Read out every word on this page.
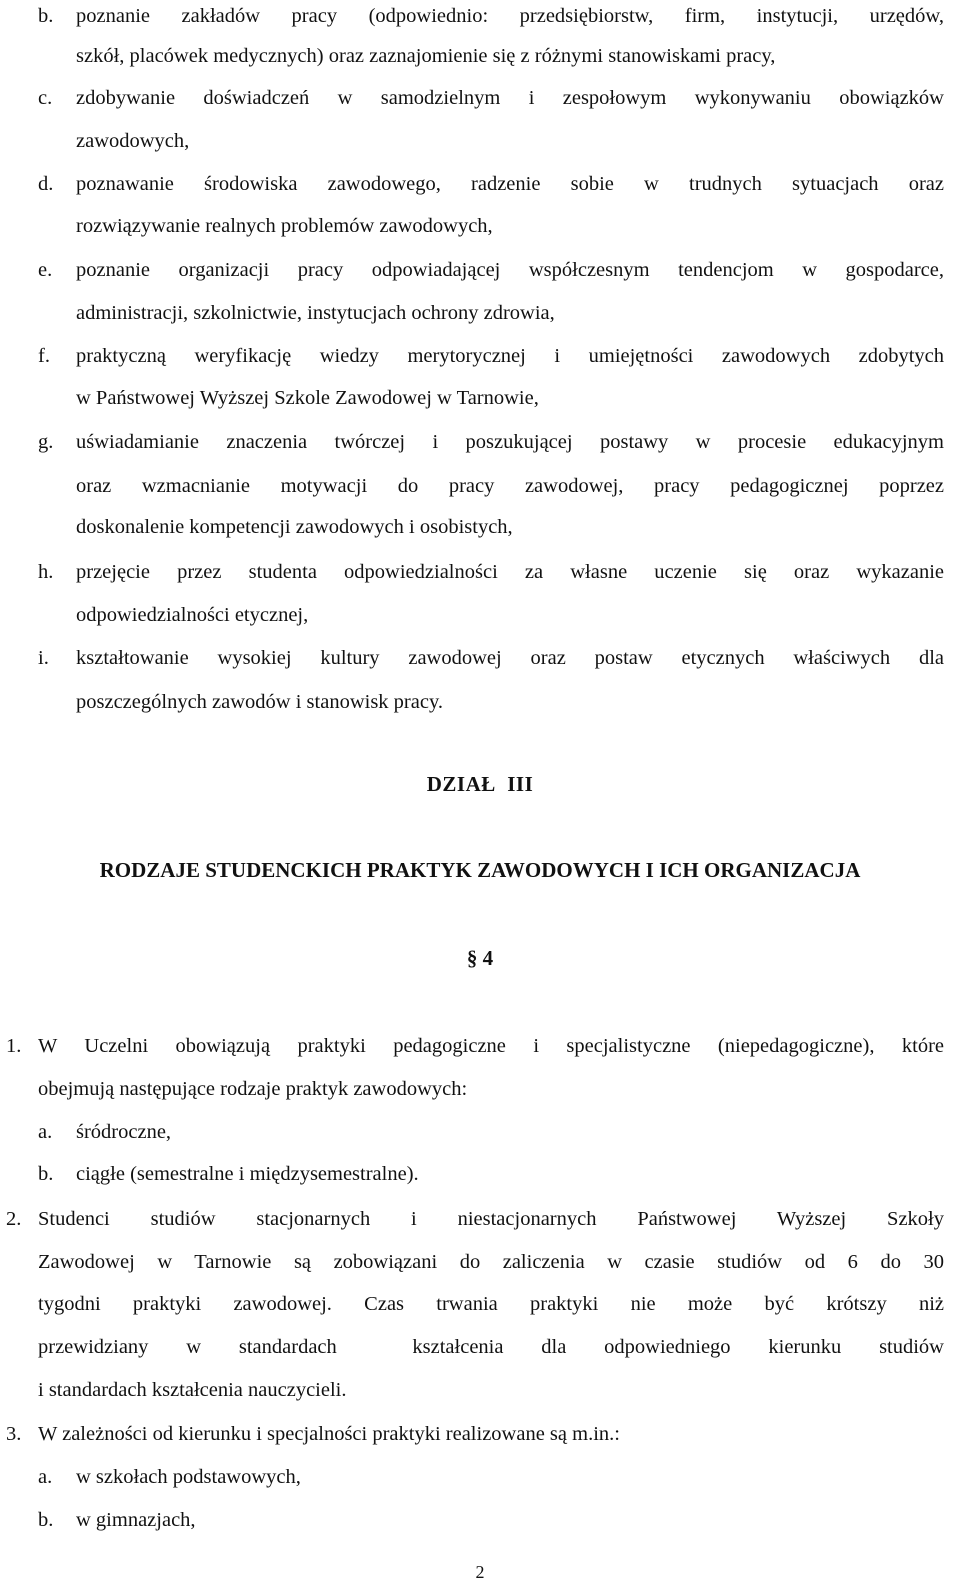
b. poznanie zakładów pracy (odpowiednio: przedsiębiorstw, firm, instytucji, urzędów,
szkół, placówek medycznych) oraz zaznajomienie się z różnymi stanowiskami pracy,
c. zdobywanie doświadczeń w samodzielnym i zespołowym wykonywaniu obowiązków
zawodowych,
d. poznawanie środowiska zawodowego, radzenie sobie w trudnych sytuacjach oraz
rozwiązywanie realnych problemów zawodowych,
e. poznanie organizacji pracy odpowiadającej współczesnym tendencjom w gospodarce,
administracji, szkolnictwie, instytucjach ochrony zdrowia,
f. praktyczną weryfikację wiedzy merytorycznej i umiejętności zawodowych zdobytych
w Państwowej Wyższej Szkole Zawodowej w Tarnowie,
g. uświadamianie znaczenia twórczej i poszukującej postawy w procesie edukacyjnym
oraz wzmacnianie motywacji do pracy zawodowej, pracy pedagogicznej poprzez
doskonalenie kompetencji zawodowych i osobistych,
h. przejęcie przez studenta odpowiedzialności za własne uczenie się oraz wykazanie
odpowiedzialności etycznej,
i. kształtowanie wysokiej kultury zawodowej oraz postaw etycznych właściwych dla
poszczególnych zawodów i stanowisk pracy.
DZIAŁ  III
RODZAJE STUDENCKICH PRAKTYK ZAWODOWYCH I ICH ORGANIZACJA
§ 4
1. W Uczelni obowiązują praktyki pedagogiczne i specjalistyczne (niepedagogiczne), które
obejmują następujące rodzaje praktyk zawodowych:
a. śródroczne,
b. ciągłe (semestralne i międzysemestralne).
2. Studenci studiów stacjonarnych i niestacjonarnych Państwowej Wyższej Szkoły
Zawodowej w Tarnowie są zobowiązani do zaliczenia w czasie studiów od 6 do 30
tygodni praktyki zawodowej. Czas trwania praktyki nie może być krótszy niż
przewidziany w standardach  kształcenia dla odpowiedniego kierunku studiów
i standardach kształcenia nauczycieli.
3. W zależności od kierunku i specjalności praktyki realizowane są m.in.:
a. w szkołach podstawowych,
b. w gimnazjach,
2
